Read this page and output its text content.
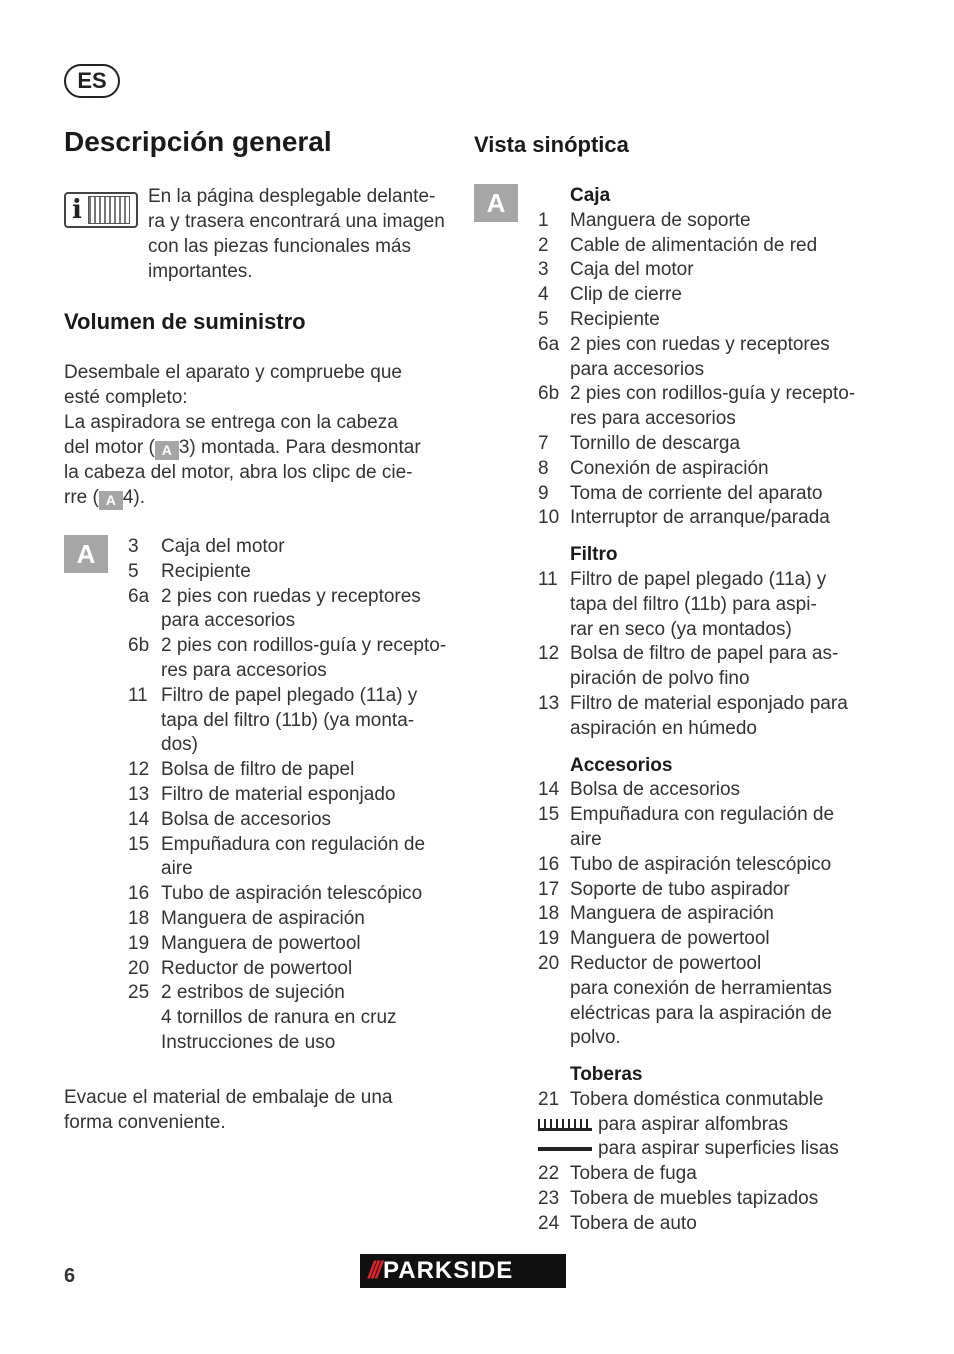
ES
Descripción general
i	En la página desplegable delante-
ra y trasera encontrará una imagen
con las piezas funcionales más
importantes.
Volumen de suministro
Desembale el aparato y compruebe que
esté completo:
La aspiradora se entrega con la cabeza
del motor ( A 3) montada. Para desmontar
la cabeza del motor, abra los clipc de cie-
rre ( A 4).
A	3	Caja del motor
5	Recipiente
6a 2 pies con ruedas y receptores
para accesorios
6b 2 pies con rodillos-guía y recepto-
res para accesorios
11 Filtro de papel plegado (11a) y
tapa del filtro (11b) (ya monta-
dos)
12 Bolsa de filtro de papel
13 Filtro de material esponjado
14 Bolsa de accesorios
15 Empuñadura con regulación de
aire
16 Tubo de aspiración telescópico
18 Manguera de aspiración
19 Manguera de powertool
20 Reductor de powertool
25 2 estribos de sujeción
4 tornillos de ranura en cruz
Instrucciones de uso
Evacue el material de embalaje de una
forma conveniente.
Vista sinóptica
A	Caja
1	Manguera de soporte
2	Cable de alimentación de red
3	Caja del motor
4	Clip de cierre
5	Recipiente
6a 2 pies con ruedas y receptores
para accesorios
6b 2 pies con rodillos-guía y recepto-
res para accesorios
7	Tornillo de descarga
8	Conexión de aspiración
9	Toma de corriente del aparato
10 Interruptor de arranque/parada
Filtro
11 Filtro de papel plegado (11a) y
tapa del filtro (11b) para aspi-
rar en seco (ya montados)
12 Bolsa de filtro de papel para as-
piración de polvo fino
13 Filtro de material esponjado para
aspiración en húmedo
Accesorios
14 Bolsa de accesorios
15 Empuñadura con regulación de
aire
16 Tubo de aspiración telescópico
17 Soporte de tubo aspirador
18 Manguera de aspiración
19 Manguera de powertool
20 Reductor de powertool
para conexión de herramientas
eléctricas para la aspiración de
polvo.
Toberas
21 Tobera doméstica conmutable
para aspirar alfombras
para aspirar superficies lisas
22 Tobera de fuga
23 Tobera de muebles tapizados
24 Tobera de auto
6	/// PARKSIDE
